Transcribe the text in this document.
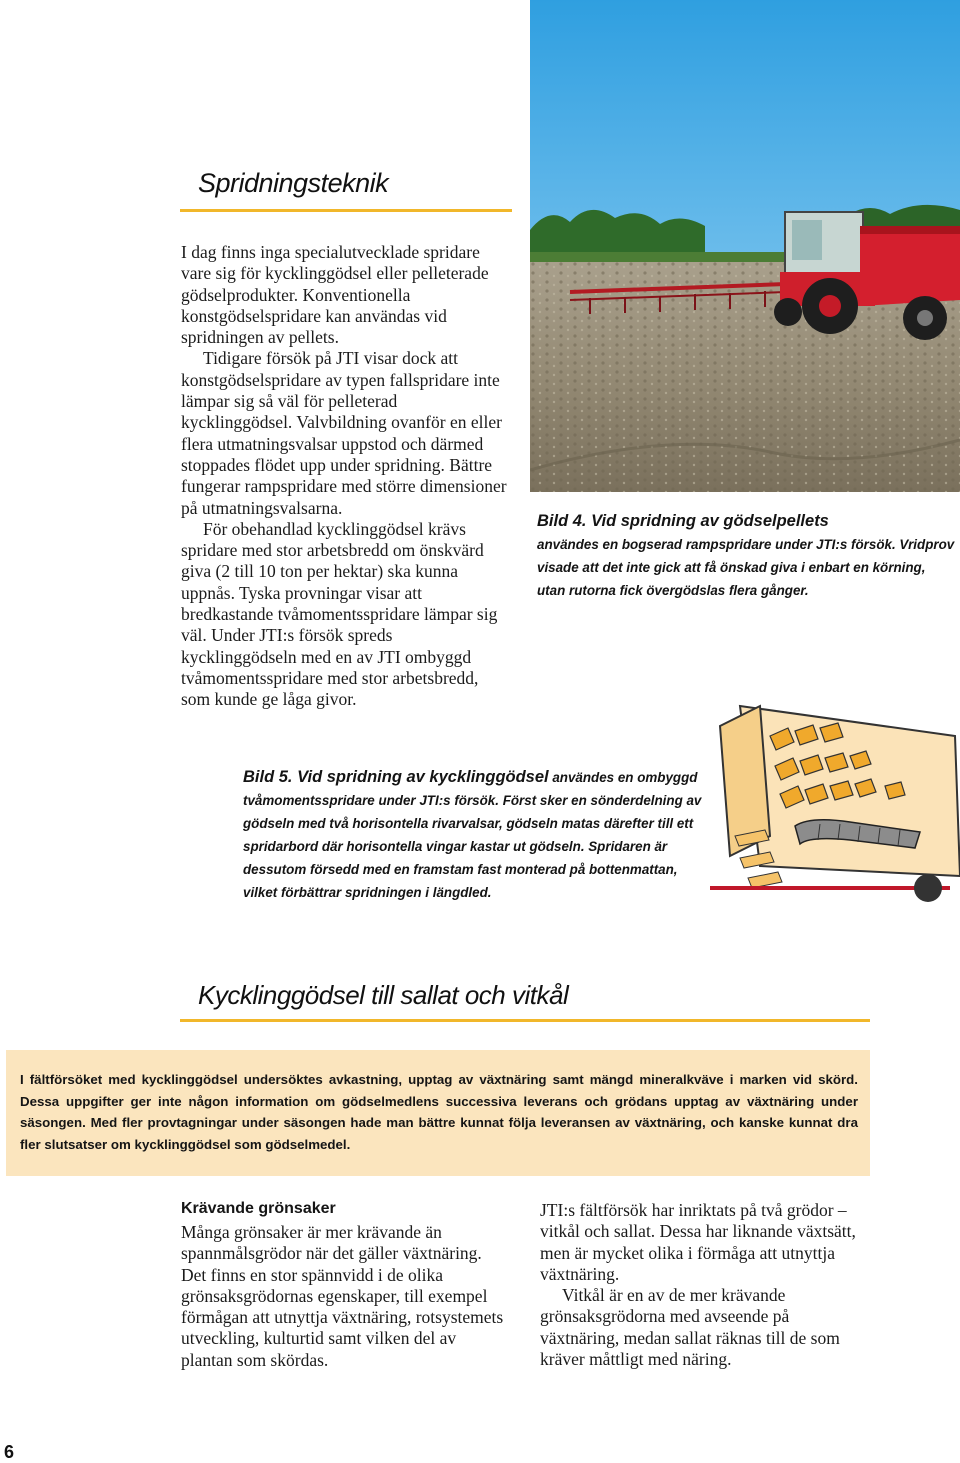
Spridningsteknik

I dag finns inga specialutvecklade spridare vare sig för kycklinggödsel eller pelleterade gödselprodukter. Konventionella konstgödselspridare kan användas vid spridningen av pellets.

Tidigare försök på JTI visar dock att konstgödselspridare av typen fallspridare inte lämpar sig så väl för pelleterad kycklinggödsel. Valvbildning ovanför en eller flera utmatningsvalsar uppstod och därmed stoppades flödet upp under spridning. Bättre fungerar rampspridare med större dimensioner på utmatningsvalsarna.

För obehandlad kycklinggödsel krävs spridare med stor arbetsbredd om önskvärd giva (2 till 10 ton per hektar) ska kunna uppnås. Tyska provningar visar att bredkastande tvåmomentsspridare lämpar sig väl. Under JTI:s försök spreds kycklinggödseln med en av JTI ombyggd tvåmomentsspridare med stor arbetsbredd, som kunde ge låga givor.

Bild 4. Vid spridning av gödselpellets
användes en bogserad rampspridare under JTI:s försök. Vridprov visade att det inte gick att få önskad giva i enbart en körning, utan rutorna fick övergödslas flera gånger.
Bild 5. Vid spridning av kycklinggödsel användes en ombyggd tvåmomentsspridare under JTI:s försök. Först sker en sönderdelning av gödseln med två horisontella rivarvalsar, gödseln matas därefter till ett spridarbord där horisontella vingar kastar ut gödseln. Spridaren är dessutom försedd med en framstam fast monterad på bottenmattan, vilket förbättrar spridningen i längdled.
Kycklinggödsel till sallat och vitkål
I fältförsöket med kycklinggödsel undersöktes avkastning, upptag av växtnäring samt mängd mineralkväve i marken vid skörd. Dessa uppgifter ger inte någon information om gödselmedlens successiva leverans och grödans upptag av växtnäring under säsongen. Med fler provtagningar under säsongen hade man bättre kunnat följa leveransen av växtnäring, och kanske kunnat dra fler slutsatser om kycklinggödsel som gödselmedel.
Krävande grönsaker

Många grönsaker är mer krävande än spannmålsgrödor när det gäller växtnäring. Det finns en stor spännvidd i de olika grönsaksgrödornas egenskaper, till exempel förmågan att utnyttja växtnäring, rotsystemets utveckling, kulturtid samt vilken del av plantan som skördas.

JTI:s fältförsök har inriktats på två grödor – vitkål och sallat. Dessa har liknande växtsätt, men är mycket olika i förmåga att utnyttja växtnäring.

Vitkål är en av de mer krävande grönsaksgrödorna med avseende på växtnäring, medan sallat räknas till de som kräver måttligt med näring.

6
